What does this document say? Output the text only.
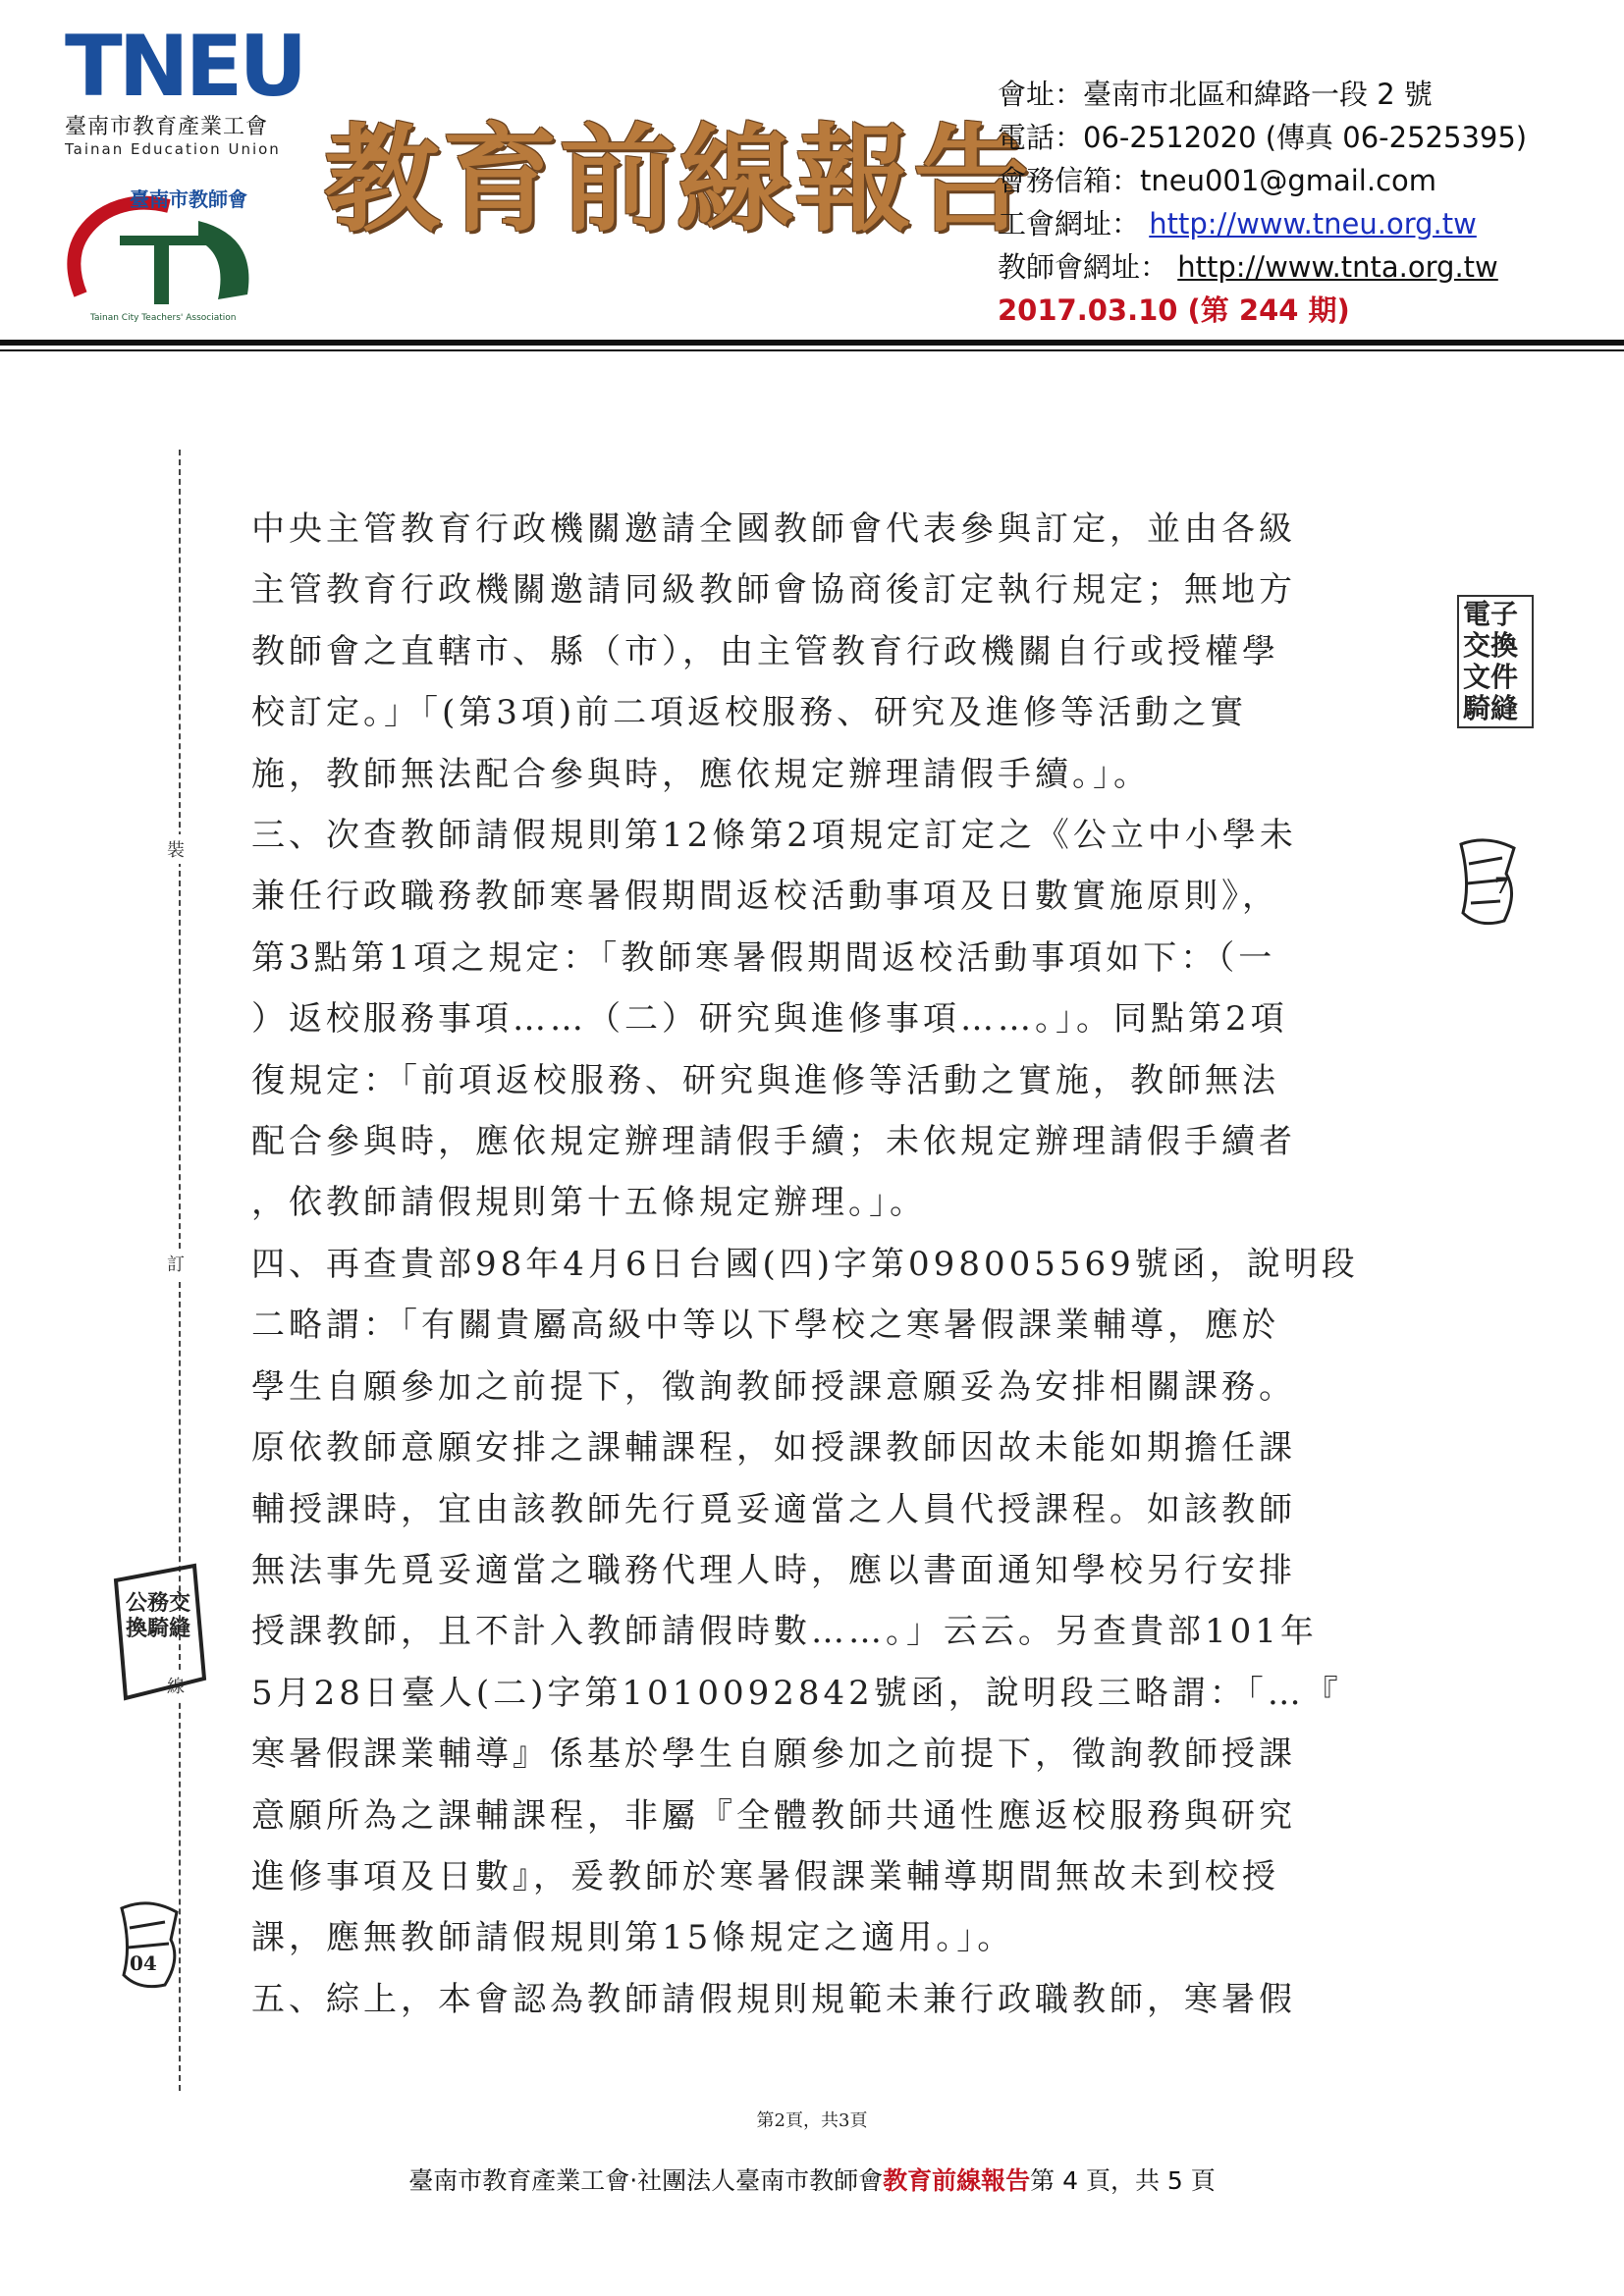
TNEU
臺南市教育產業工會
Tainan Education Union
臺南市教師會
Tainan City Teachers' Association
教育前線報告
會址：臺南市北區和緯路一段 2 號
電話：06-2512020 (傳真 06-2525395)
會務信箱：tneu001@gmail.com
工會網址： http://www.tneu.org.tw
教師會網址： http://www.tnta.org.tw
2017.03.10 (第 244 期)
裝
訂
線
電子交換 文件騎縫
7
公務交換騎縫
04

中央主管教育行政機關邀請全國教師會代表參與訂定，並由各級

主管教育行政機關邀請同級教師會協商後訂定執行規定；無地方

教師會之直轄市、縣（市），由主管教育行政機關自行或授權學

校訂定。」「(第3項)前二項返校服務、研究及進修等活動之實

施，教師無法配合參與時，應依規定辦理請假手續。」。

三、次查教師請假規則第12條第2項規定訂定之《公立中小學未

兼任行政職務教師寒暑假期間返校活動事項及日數實施原則》，

第3點第1項之規定：「教師寒暑假期間返校活動事項如下：（一

）返校服務事項……（二）研究與進修事項……。」。同點第2項

復規定：「前項返校服務、研究與進修等活動之實施，教師無法

配合參與時，應依規定辦理請假手續；未依規定辦理請假手續者

，依教師請假規則第十五條規定辦理。」。

四、再查貴部98年4月6日台國(四)字第098005569號函，說明段

二略謂：「有關貴屬高級中等以下學校之寒暑假課業輔導，應於

學生自願參加之前提下，徵詢教師授課意願妥為安排相關課務。

原依教師意願安排之課輔課程，如授課教師因故未能如期擔任課

輔授課時，宜由該教師先行覓妥適當之人員代授課程。如該教師

無法事先覓妥適當之職務代理人時，應以書面通知學校另行安排

授課教師，且不計入教師請假時數……。」云云。另查貴部101年

5月28日臺人(二)字第1010092842號函，說明段三略謂：「…『

寒暑假課業輔導』係基於學生自願參加之前提下，徵詢教師授課

意願所為之課輔課程，非屬『全體教師共通性應返校服務與研究

進修事項及日數』，爰教師於寒暑假課業輔導期間無故未到校授

課，應無教師請假規則第15條規定之適用。」。

五、綜上，本會認為教師請假規則規範未兼行政職教師，寒暑假

第2頁，共3頁
臺南市教育產業工會‧社團法人臺南市教師會教育前線報告第 4 頁，共 5 頁
